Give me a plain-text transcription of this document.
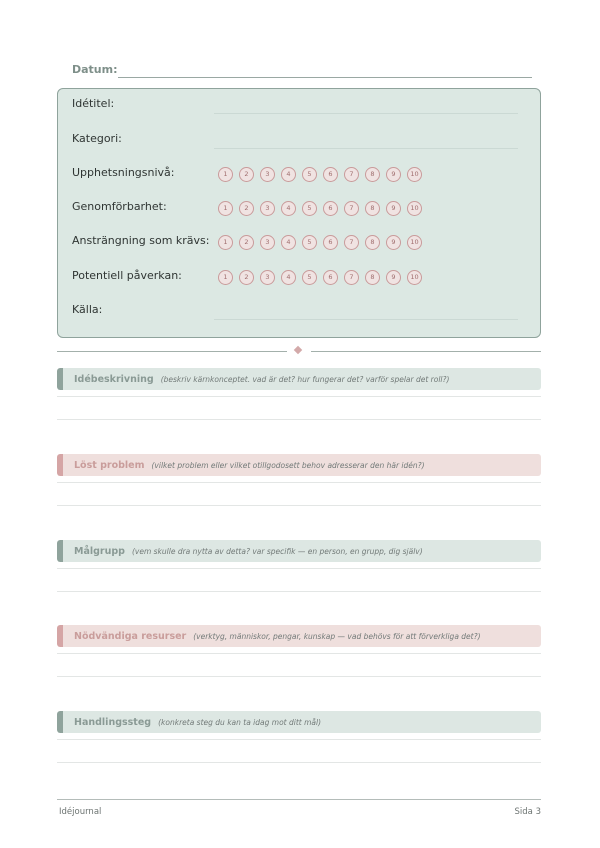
Datum:
Idétitel:
Kategori:
Upphetsningsnivå:	1	2	3	4	5	6	7	8	9	10
Genomförbarhet:	1	2	3	4	5	6	7	8	9	10
Ansträngning som krävs:	1	2	3	4	5	6	7	8	9	10
Potentiell påverkan:	1	2	3	4	5	6	7	8	9	10
Källa:
Idébeskrivning (beskriv kärnkonceptet. vad är det? hur fungerar det? varför spelar det roll?)
Löst problem (vilket problem eller vilket otillgodosett behov adresserar den här idén?)
Målgrupp (vem skulle dra nytta av detta? var specifik — en person, en grupp, dig själv)
Nödvändiga resurser (verktyg, människor, pengar, kunskap — vad behövs för att förverkliga det?)
Handlingssteg (konkreta steg du kan ta idag mot ditt mål)
Idéjournal	Sida 3
